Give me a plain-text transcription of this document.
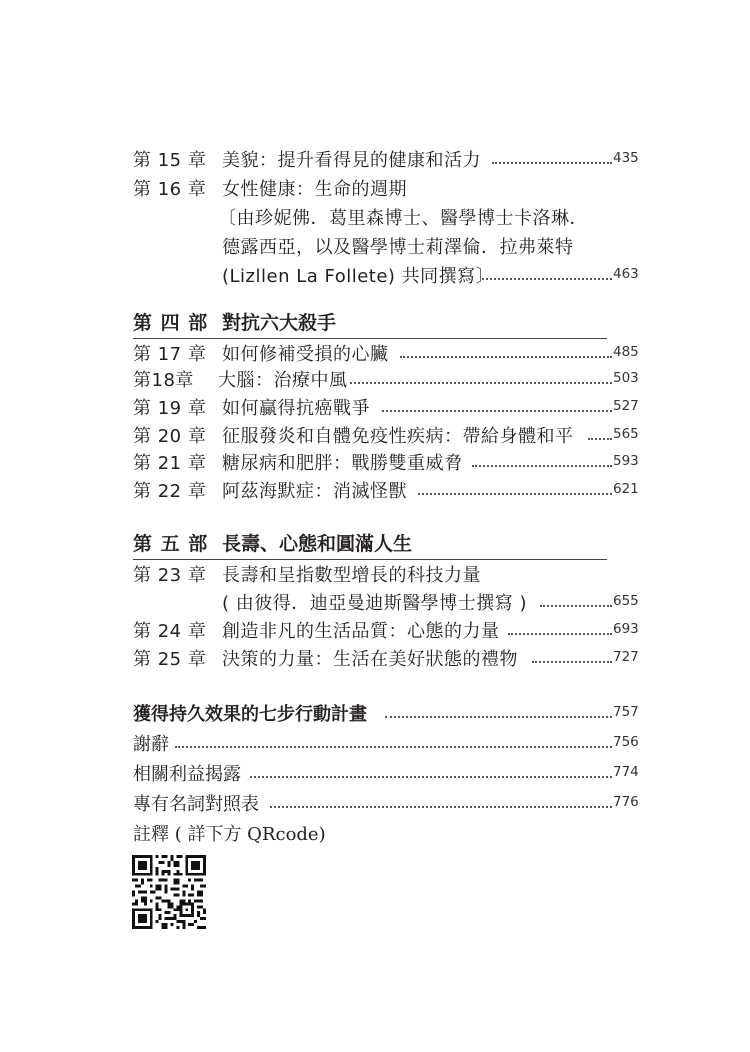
第 15 章 美貌：提升看得見的健康和活力	435
第 16 章 女性健康：生命的週期
〔由珍妮佛．葛里森博士、醫學博士卡洛琳．
德露西亞，以及醫學博士莉澤倫．拉弗萊特
(Lizllen La Follete) 共同撰寫〕	463
第 四 部 對抗六大殺手
第 17 章 如何修補受損的心臟	485
第18章 大腦：治療中風	503
第 19 章 如何贏得抗癌戰爭	527
第 20 章 征服發炎和自體免疫性疾病：帶給身體和平	565
第 21 章 糖尿病和肥胖：戰勝雙重威脅	593
第 22 章 阿茲海默症：消滅怪獸	621
第 五 部 長壽、心態和圓滿人生
第 23 章 長壽和呈指數型增長的科技力量
( 由彼得．迪亞曼迪斯醫學博士撰寫 )	655
第 24 章 創造非凡的生活品質：心態的力量	693
第 25 章 決策的力量：生活在美好狀態的禮物	727
獲得持久效果的七步行動計畫	757
謝辭	756
相關利益揭露	774
專有名詞對照表	776
註釋 ( 詳下方 QRcode)
